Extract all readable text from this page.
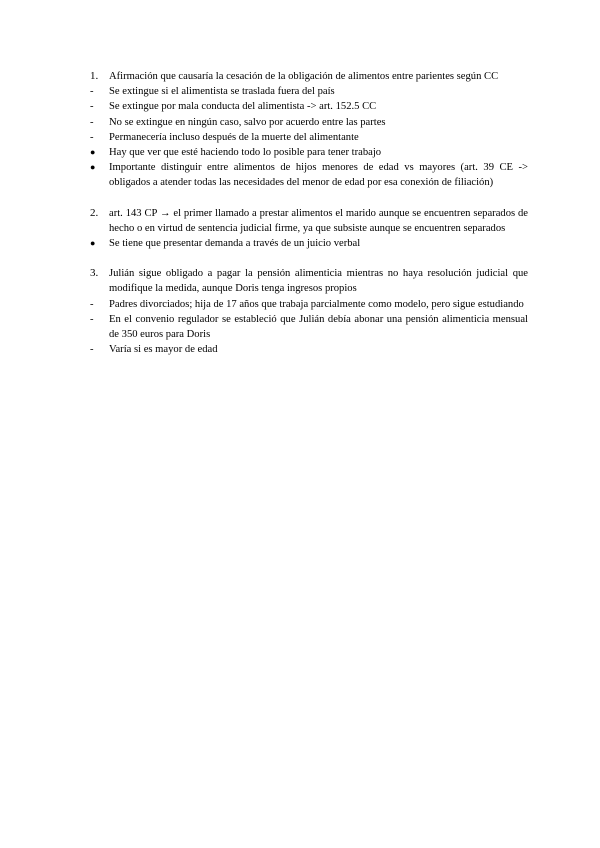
1.	Afirmación que causaría la cesación de la obligación de alimentos entre parientes según CC
-	Se extingue si el alimentista se traslada fuera del país
-	Se extingue por mala conducta del alimentista -> art. 152.5 CC
-	No se extingue en ningún caso, salvo por acuerdo entre las partes
-	Permanecería incluso después de la muerte del alimentante
●	Hay que ver que esté haciendo todo lo posible para tener trabajo
●	Importante distinguir entre alimentos de hijos menores de edad vs mayores (art. 39 CE -> obligados a atender todas las necesidades del menor de edad por esa conexión de filiación)
2.	art. 143 CP → el primer llamado a prestar alimentos el marido aunque se encuentren separados de hecho o en virtud de sentencia judicial firme, ya que subsiste aunque se encuentren separados
●	Se tiene que presentar demanda a través de un juicio verbal
3.	Julián sigue obligado a pagar la pensión alimenticia mientras no haya resolución judicial que modifique la medida, aunque Doris tenga ingresos propios
-	Padres divorciados; hija de 17 años que trabaja parcialmente como modelo, pero sigue estudiando
-	En el convenio regulador se estableció que Julián debía abonar una pensión alimenticia mensual de 350 euros para Doris
-	Varía si es mayor de edad
